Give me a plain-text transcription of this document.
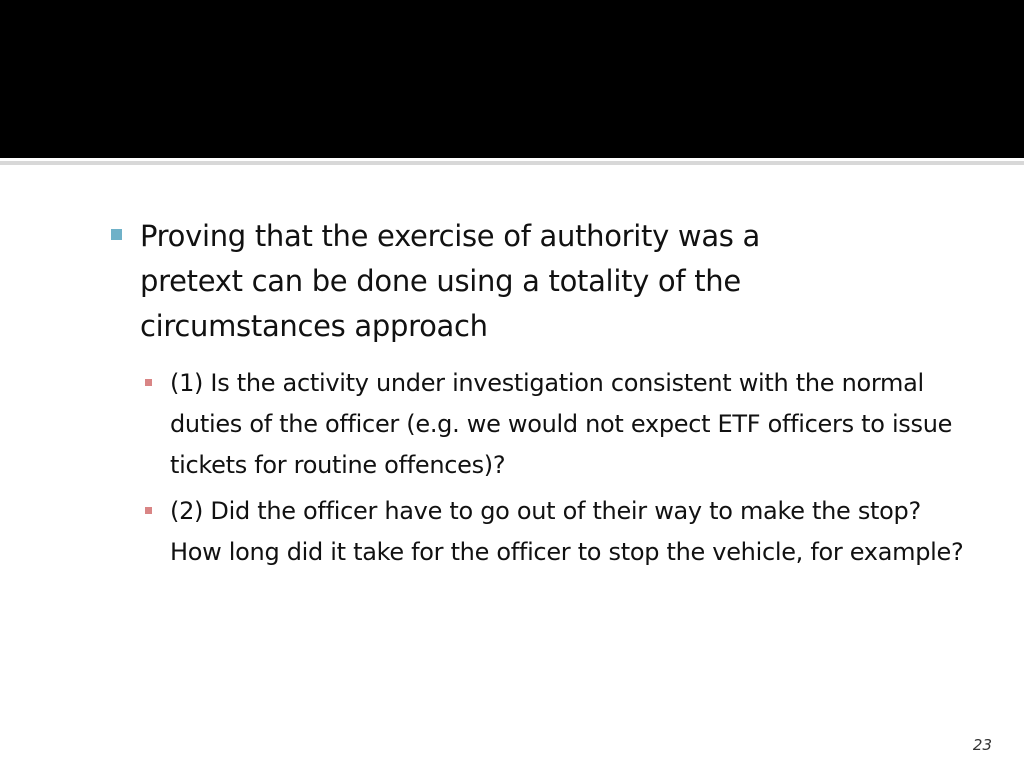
Proving that the exercise of authority was a pretext can be done using a totality of the circumstances approach
(1) Is the activity under investigation consistent with the normal duties of the officer (e.g. we would not expect ETF officers to issue tickets for routine offences)?
(2) Did the officer have to go out of their way to make the stop? How long did it take for the officer to stop the vehicle, for example?
23
